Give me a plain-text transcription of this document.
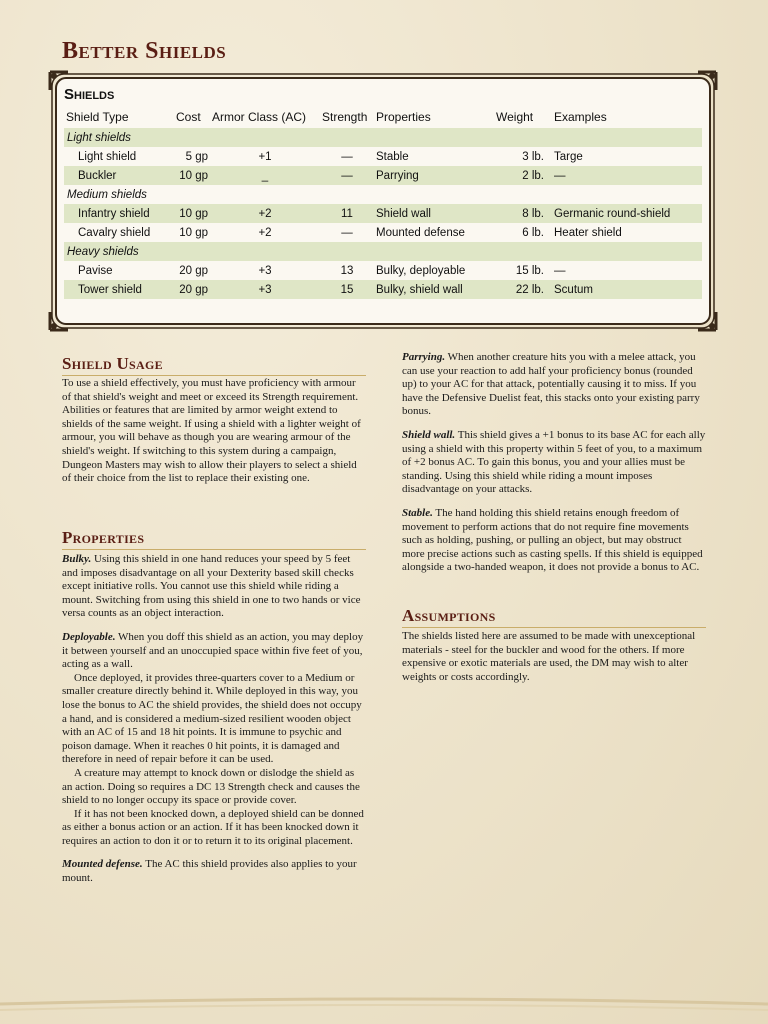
Better Shields
Shields
Shield Type	Cost	Armor Class (AC)	Strength	Properties	Weight	Examples
Light shields						
Light shield	5 gp	+1	—	Stable	3 lb.	Targe
Buckler	10 gp	_	—	Parrying	2 lb.	—
Medium shields						
Infantry shield	10 gp	+2	11	Shield wall	8 lb.	Germanic round-shield
Cavalry shield	10 gp	+2	—	Mounted defense	6 lb.	Heater shield
Heavy shields						
Pavise	20 gp	+3	13	Bulky, deployable	15 lb.	—
Tower shield	20 gp	+3	15	Bulky, shield wall	22 lb.	Scutum
Shield Usage

To use a shield effectively, you must have proficiency with armour of that shield's weight and meet or exceed its Strength requirement. Abilities or features that are limited by armor weight extend to shields of the same weight. If using a shield with a lighter weight of armour, you will behave as though you are wearing armour of the shield's weight. If switching to this system during a campaign, Dungeon Masters may wish to allow their players to select a shield of their choice from the list to replace their existing one.

Properties

Bulky. Using this shield in one hand reduces your speed by 5 feet and imposes disadvantage on all your Dexterity based skill checks except initiative rolls. You cannot use this shield while riding a mount. Switching from using this shield in one to two hands or vice versa counts as an object interaction.

Deployable. When you doff this shield as an action, you may deploy it between yourself and an unoccupied space within five feet of you, acting as a wall.

Once deployed, it provides three-quarters cover to a Medium or smaller creature directly behind it. While deployed in this way, you lose the bonus to AC the shield provides, the shield does not occupy a hand, and is considered a medium-sized resilient wooden object with an AC of 15 and 18 hit points. It is immune to psychic and poison damage. When it reaches 0 hit points, it is damaged and therefore in need of repair before it can be used.

A creature may attempt to knock down or dislodge the shield as an action. Doing so requires a DC 13 Strength check and causes the shield to no longer occupy its space or provide cover.

If it has not been knocked down, a deployed shield can be donned as either a bonus action or an action. If it has been knocked down it requires an action to don it or to return it to its original placement.

Mounted defense. The AC this shield provides also applies to your mount.

Parrying. When another creature hits you with a melee attack, you can use your reaction to add half your proficiency bonus (rounded up) to your AC for that attack, potentially causing it to miss. If you have the Defensive Duelist feat, this stacks onto your existing parry bonus.

Shield wall. This shield gives a +1 bonus to its base AC for each ally using a shield with this property within 5 feet of you, to a maximum of +2 bonus AC. To gain this bonus, you and your allies must be standing. Using this shield while riding a mount imposes disadvantage on your attacks.

Stable. The hand holding this shield retains enough freedom of movement to perform actions that do not require fine movements such as holding, pushing, or pulling an object, but may obstruct more precise actions such as casting spells. If this shield is equipped alongside a two-handed weapon, it does not provide a bonus to AC.

Assumptions

The shields listed here are assumed to be made with unexceptional materials - steel for the buckler and wood for the others. If more expensive or exotic materials are used, the DM may wish to alter weights or costs accordingly.
